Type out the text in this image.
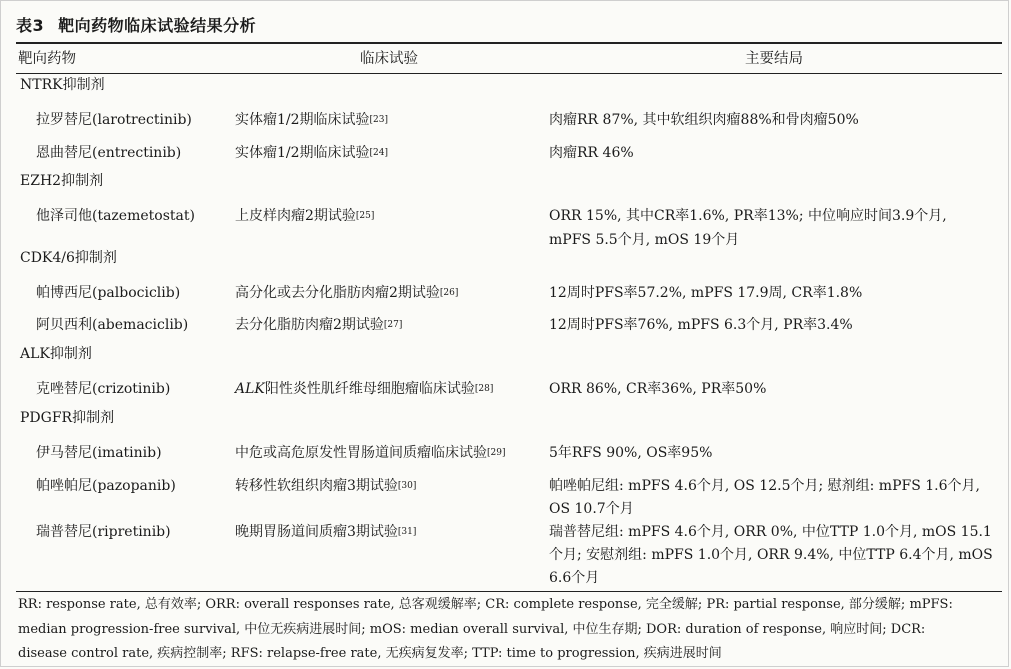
表3 靶向药物临床试验结果分析
靶向药物	临床试验	主要结局
NTRK抑制剂
拉罗替尼(larotrectinib)	实体瘤1/2期临床试验[23]	肉瘤RR 87%, 其中软组织肉瘤88%和骨肉瘤50%
恩曲替尼(entrectinib)	实体瘤1/2期临床试验[24]	肉瘤RR 46%
EZH2抑制剂
他泽司他(tazemetostat)	上皮样肉瘤2期试验[25]	ORR 15%, 其中CR率1.6%, PR率13%; 中位响应时间3.9个月,
mPFS 5.5个月, mOS 19个月
CDK4/6抑制剂
帕博西尼(palbociclib)	高分化或去分化脂肪肉瘤2期试验[26]	12周时PFS率57.2%, mPFS 17.9周, CR率1.8%
阿贝西利(abemaciclib)	去分化脂肪肉瘤2期试验[27]	12周时PFS率76%, mPFS 6.3个月, PR率3.4%
ALK抑制剂
克唑替尼(crizotinib)	ALK阳性炎性肌纤维母细胞瘤临床试验[28]	ORR 86%, CR率36%, PR率50%
PDGFR抑制剂
伊马替尼(imatinib)	中危或高危原发性胃肠道间质瘤临床试验[29]	5年RFS 90%, OS率95%
帕唑帕尼(pazopanib)	转移性软组织肉瘤3期试验[30]	帕唑帕尼组: mPFS 4.6个月, OS 12.5个月; 慰剂组: mPFS 1.6个月,
OS 10.7个月
瑞普替尼(ripretinib)	晚期胃肠道间质瘤3期试验[31]	瑞普替尼组: mPFS 4.6个月, ORR 0%, 中位TTP 1.0个月, mOS 15.1
个月; 安慰剂组: mPFS 1.0个月, ORR 9.4%, 中位TTP 6.4个月, mOS
6.6个月
RR: response rate, 总有效率; ORR: overall responses rate, 总客观缓解率; CR: complete response, 完全缓解; PR: partial response, 部分缓解; mPFS:
median progression-free survival, 中位无疾病进展时间; mOS: median overall survival, 中位生存期; DOR: duration of response, 响应时间; DCR:
disease control rate, 疾病控制率; RFS: relapse-free rate, 无疾病复发率; TTP: time to progression, 疾病进展时间
